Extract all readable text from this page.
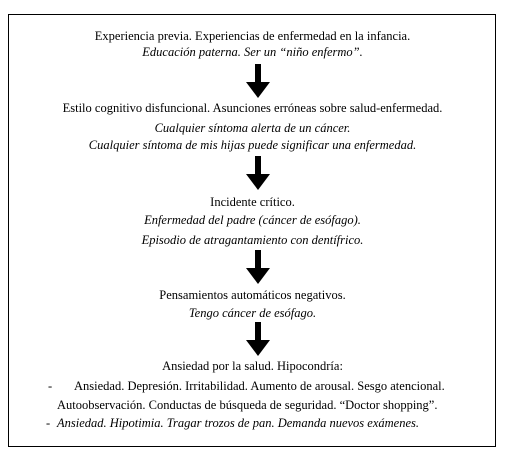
Experiencia previa. Experiencias de enfermedad en la infancia.
Educación paterna. Ser un “niño enfermo”.
Estilo cognitivo disfuncional. Asunciones erróneas sobre salud-enfermedad.
Cualquier síntoma alerta de un cáncer.
Cualquier síntoma de mis hijas puede significar una enfermedad.
Incidente crítico.
Enfermedad del padre (cáncer de esófago).
Episodio de atragantamiento con dentífrico.
Pensamientos automáticos negativos.
Tengo cáncer de esófago.
Ansiedad por la salud. Hipocondría:
- Ansiedad. Depresión. Irritabilidad. Aumento de arousal. Sesgo atencional.
Autoobservación. Conductas de búsqueda de seguridad. “Doctor shopping”.
- Ansiedad. Hipotimia. Tragar trozos de pan. Demanda nuevos exámenes.
